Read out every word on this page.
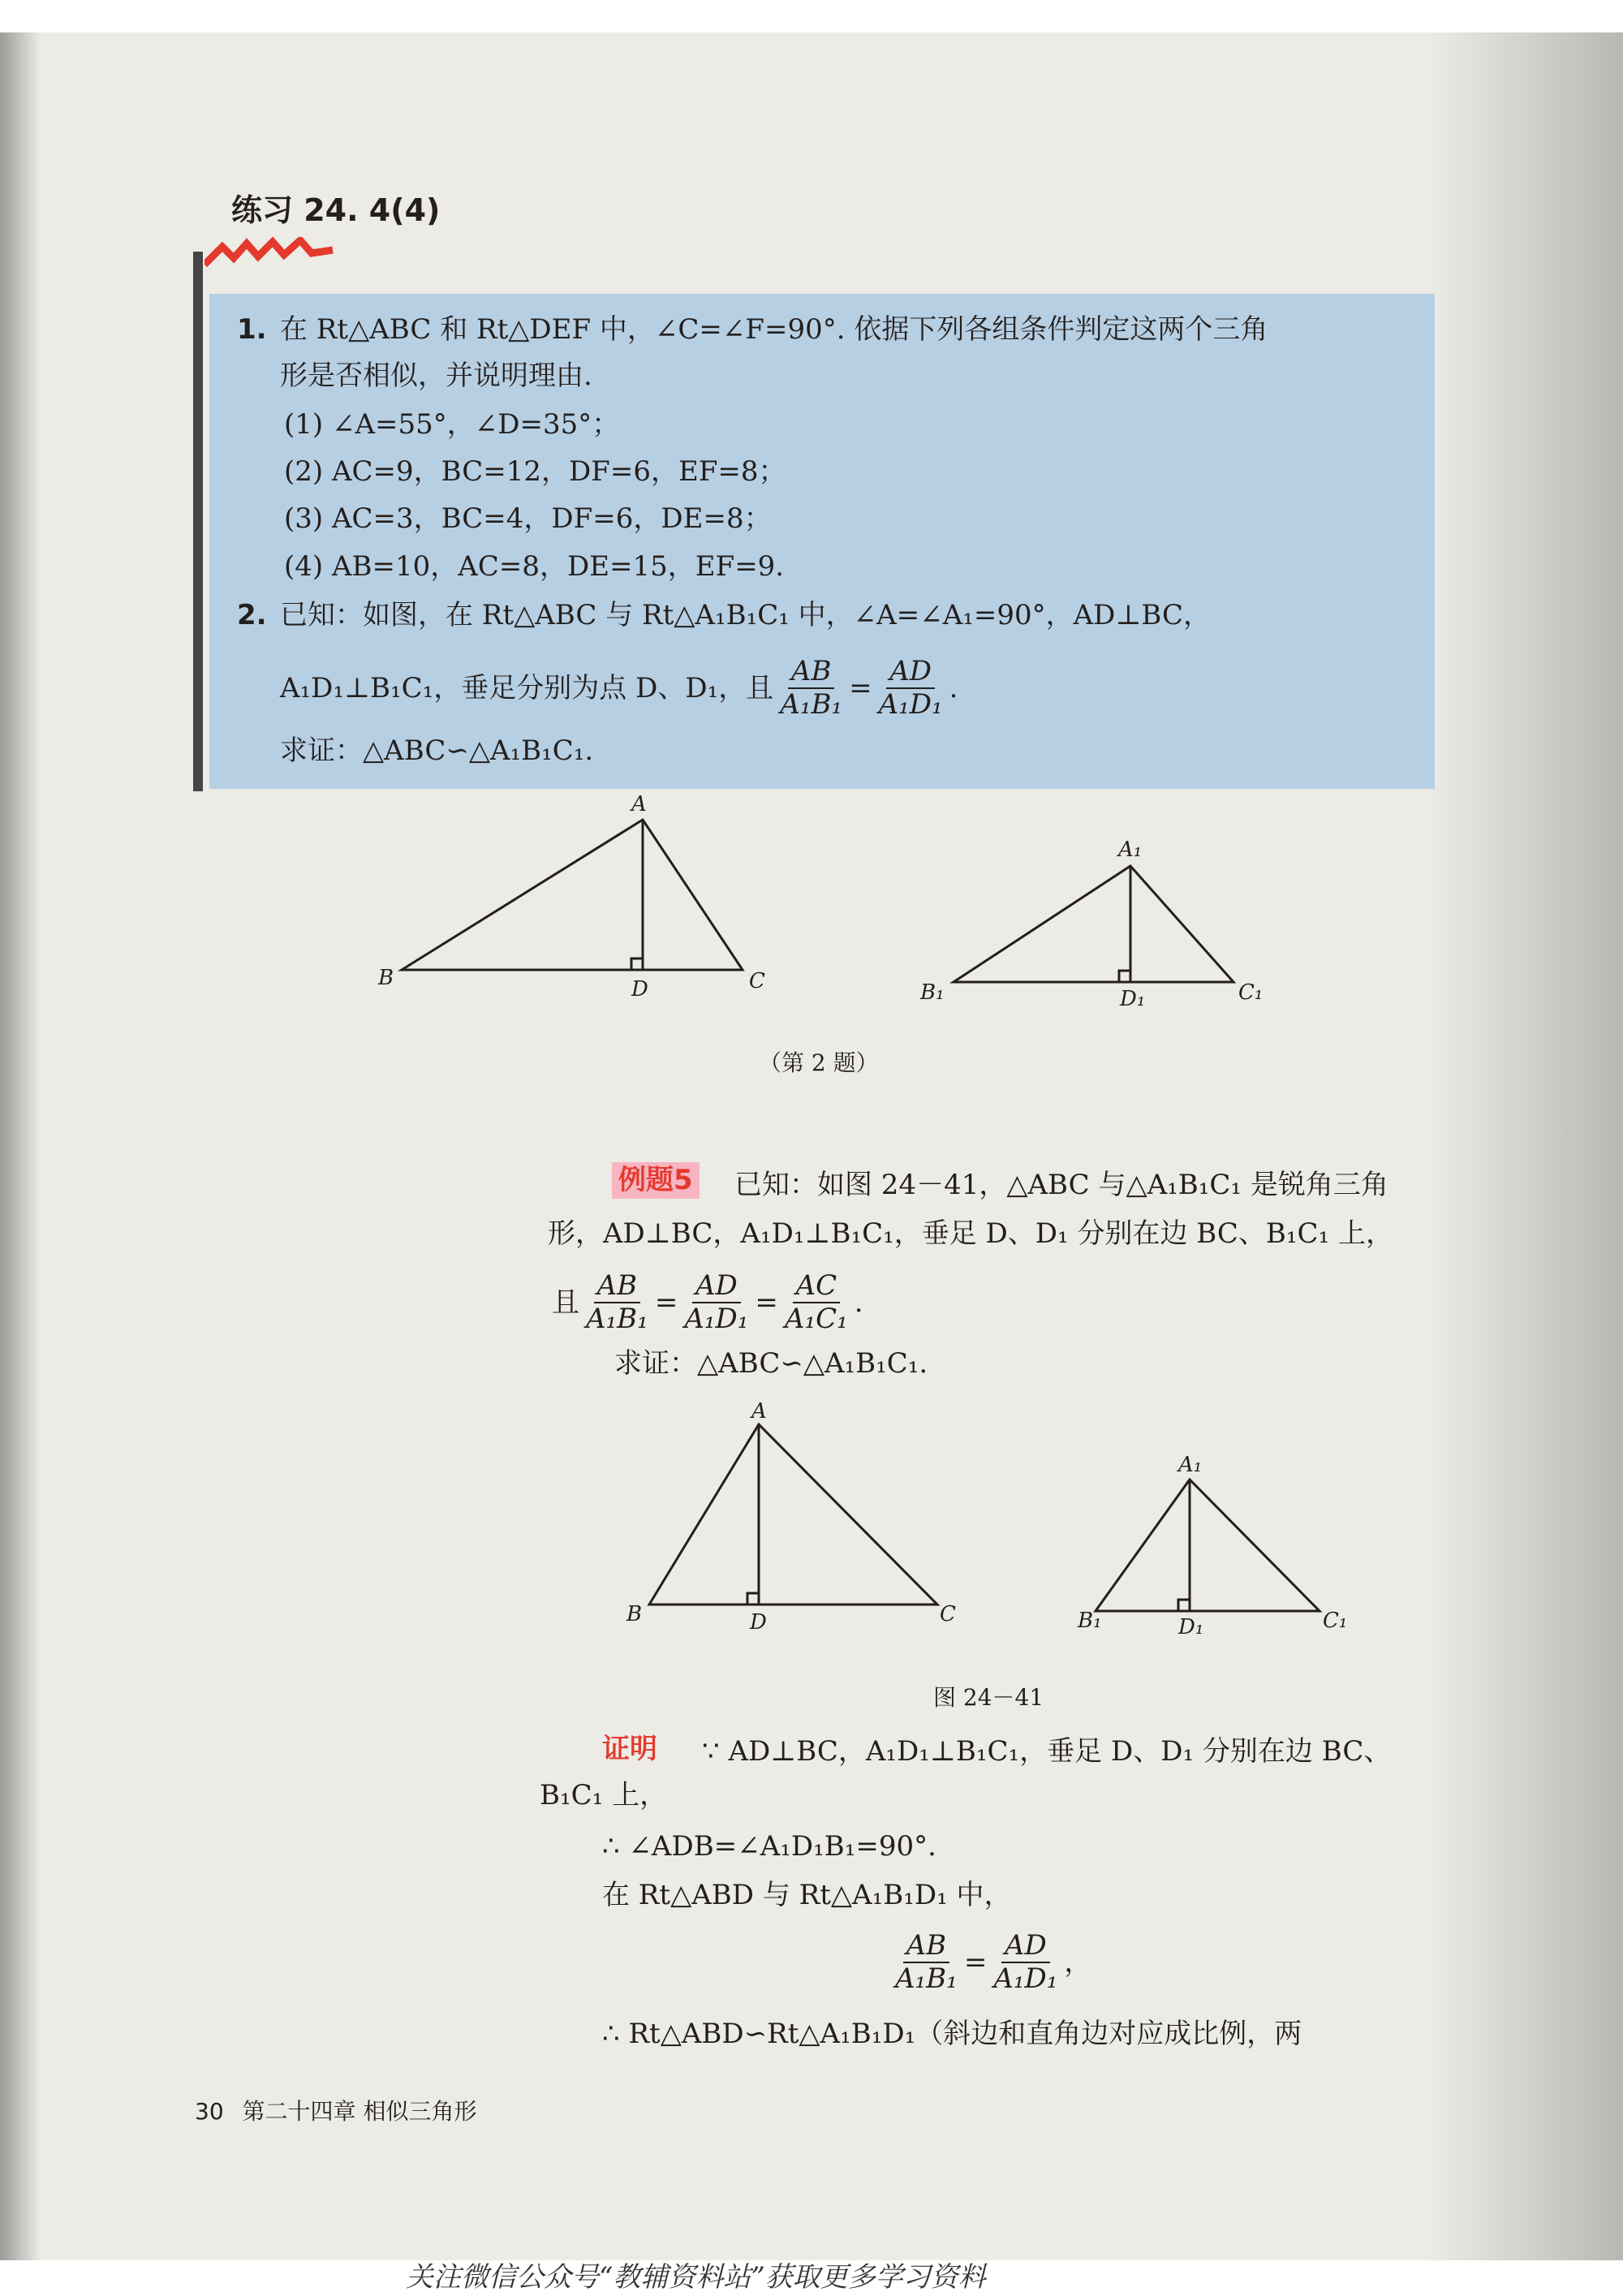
练习 24. 4(4)
1. 在 Rt△ABC 和 Rt△DEF 中，∠C=∠F=90°. 依据下列各组条件判定这两个三角
形是否相似，并说明理由.
(1) ∠A=55°，∠D=35°；
(2) AC=9，BC=12，DF=6，EF=8；
(3) AC=3，BC=4，DF=6，DE=8；
(4) AB=10，AC=8，DE=15，EF=9.
2. 已知：如图，在 Rt△ABC 与 Rt△A₁B₁C₁ 中，∠A=∠A₁=90°，AD⊥BC，
A₁D₁⊥B₁C₁，垂足分别为点 D、D₁，且 $\frac{AB}{\text{A₁B₁}} = \frac{AD}{\text{A₁D₁}}$ .
求证：△ABC∽△A₁B₁C₁.
A
B	C
D
A₁
B₁	C₁
D₁
（第 2 题）
例题5 已知：如图 24－41，△ABC 与△A₁B₁C₁ 是锐角三角
形，AD⊥BC，A₁D₁⊥B₁C₁，垂足 D、D₁ 分别在边 BC、B₁C₁ 上，
且 $\frac{AB}{\text{A₁B₁}} = \frac{AD}{\text{A₁D₁}} = \frac{AC}{\text{A₁C₁}}$ .
求证：△ABC∽△A₁B₁C₁.
A
B	C
D
A₁
B₁	C₁
D₁
图 24－41
证明 ∵ AD⊥BC，A₁D₁⊥B₁C₁，垂足 D、D₁ 分别在边 BC、
B₁C₁ 上，
∴ ∠ADB=∠A₁D₁B₁=90°.
在 Rt△ABD 与 Rt△A₁B₁D₁ 中，
$\frac{AB}{\text{A₁B₁}} = \frac{AD}{\text{A₁D₁}}$ ，
∴ Rt△ABD∽Rt△A₁B₁D₁（斜边和直角边对应成比例，两
30 第二十四章 相似三角形
关注微信公众号“教辅资料站”获取更多学习资料
